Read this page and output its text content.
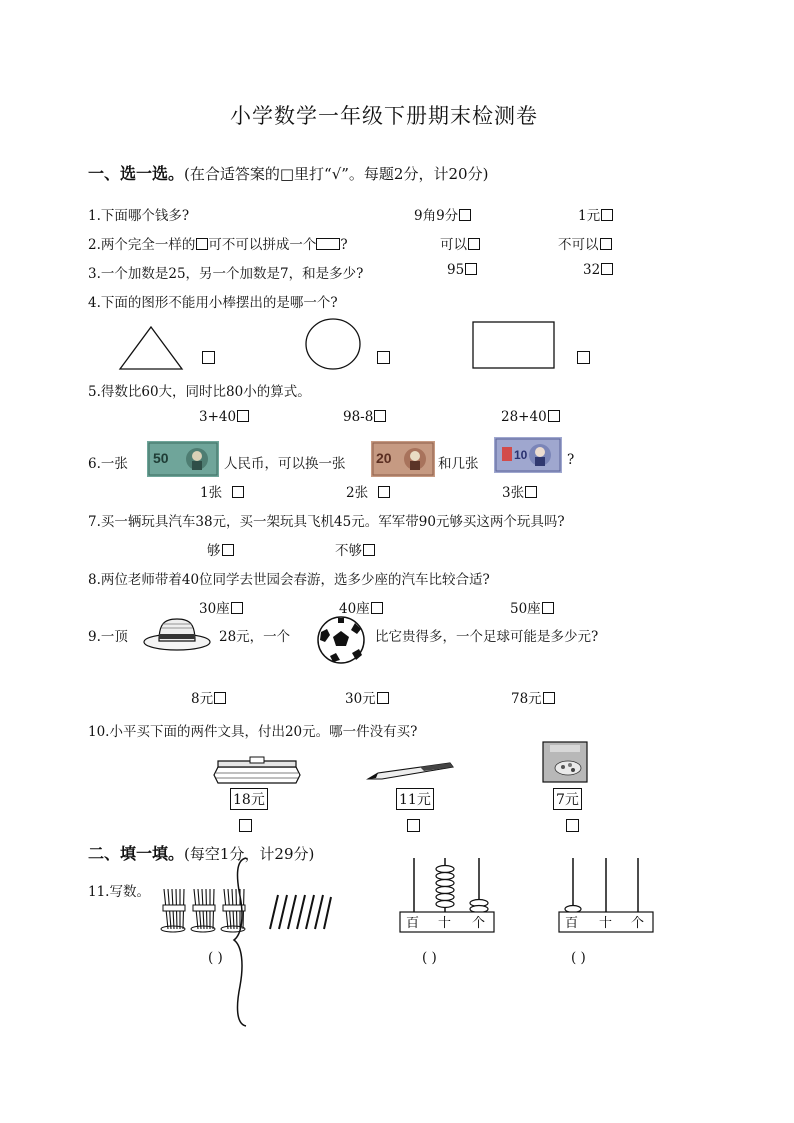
小学数学一年级下册期末检测卷
一、选一选。(在合适答案的□里打“√”。每题2分，计20分)
1.下面哪个钱多?	9角9分	1元
2.两个完全一样的 可不可以拼成一个 ?	可以	不可以
3.一个加数是25，另一个加数是7，和是多少?	95	32
4.下面的图形不能用小棒摆出的是哪一个?
5.得数比60大，同时比80小的算式。
3+40	98-8	28+40
6.一张 50	人民币，可以换一张 20	和几张
10	?
1张	2张	3张
7.买一辆玩具汽车38元，买一架玩具飞机45元。军军带90元够买这两个玩具吗?
够	不够
8.两位老师带着40位同学去世园会春游，选多少座的汽车比较合适?
30座	40座	50座
9.一顶	28元，一个	比它贵得多，一个足球可能是多少元?
8元	30元	78元
10.小平买下面的两件文具，付出20元。哪一件没有买?
18元	11元	7元
二、填一填。(每空1分，计29分)
11.写数。
( )
百 十 个
( )
百 十 个
( )
